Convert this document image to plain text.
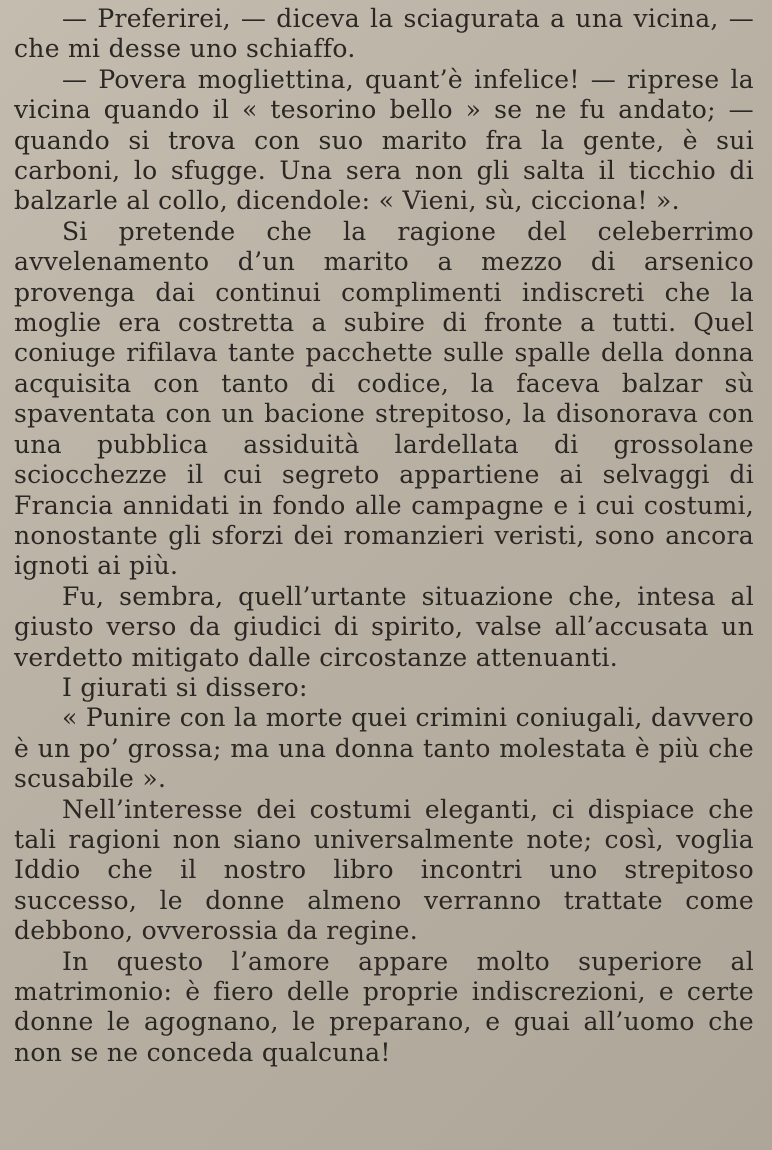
— Preferirei, — diceva la sciagurata a una vicina, — che mi desse uno schiaffo.

— Povera mogliettina, quant’è infelice! — riprese la vicina quando il « tesorino bello » se ne fu andato; — quando si trova con suo marito fra la gente, è sui carboni, lo sfugge. Una sera non gli salta il ticchio di balzarle al collo, dicendole: « Vieni, sù, cicciona! ».

Si pretende che la ragione del celeberrimo avvelenamento d’un marito a mezzo di arsenico provenga dai continui complimenti indiscreti che la moglie era costretta a subire di fronte a tutti. Quel coniuge rifilava tante pacchette sulle spalle della donna acquisita con tanto di codice, la faceva balzar sù spaventata con un bacione strepitoso, la disonorava con una pubblica assiduità lardellata di grossolane sciocchezze il cui segreto appartiene ai selvaggi di Francia annidati in fondo alle campagne e i cui costumi, nonostante gli sforzi dei romanzieri veristi, sono ancora ignoti ai più.

Fu, sembra, quell’urtante situazione che, intesa al giusto verso da giudici di spirito, valse all’accusata un verdetto mitigato dalle circostanze attenuanti.

I giurati si dissero:

« Punire con la morte quei crimini coniugali, davvero è un po’ grossa; ma una donna tanto molestata è più che scusabile ».

Nell’interesse dei costumi eleganti, ci dispiace che tali ragioni non siano universalmente note; così, voglia Iddio che il nostro libro incontri uno strepitoso successo, le donne almeno verranno trattate come debbono, ovverossia da regine.

In questo l’amore appare molto superiore al matrimonio: è fiero delle proprie indiscrezioni, e certe donne le agognano, le preparano, e guai all’uomo che non se ne conceda qualcuna!
